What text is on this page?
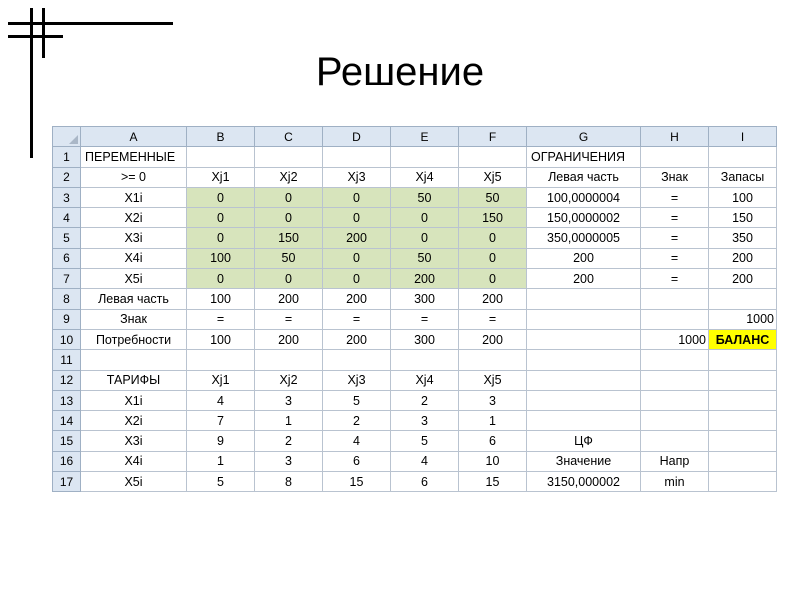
Решение
	A	B	C	D	E	F	G	H	I
1	ПЕРЕМЕННЫЕ						ОГРАНИЧЕНИЯ		
2	>= 0	Xj1	Xj2	Xj3	Xj4	Xj5	Левая часть	Знак	Запасы
3	X1i	0	0	0	50	50	100,0000004	=	100
4	X2i	0	0	0	0	150	150,0000002	=	150
5	X3i	0	150	200	0	0	350,0000005	=	350
6	X4i	100	50	0	50	0	200	=	200
7	X5i	0	0	0	200	0	200	=	200
8	Левая часть	100	200	200	300	200			
9	Знак	=	=	=	=	=			1000
10	Потребности	100	200	200	300	200		1000	БАЛАНС
11									
12	ТАРИФЫ	Xj1	Xj2	Xj3	Xj4	Xj5			
13	X1i	4	3	5	2	3			
14	X2i	7	1	2	3	1			
15	X3i	9	2	4	5	6	ЦФ		
16	X4i	1	3	6	4	10	Значение	Напр	
17	X5i	5	8	15	6	15	3150,000002	min	
